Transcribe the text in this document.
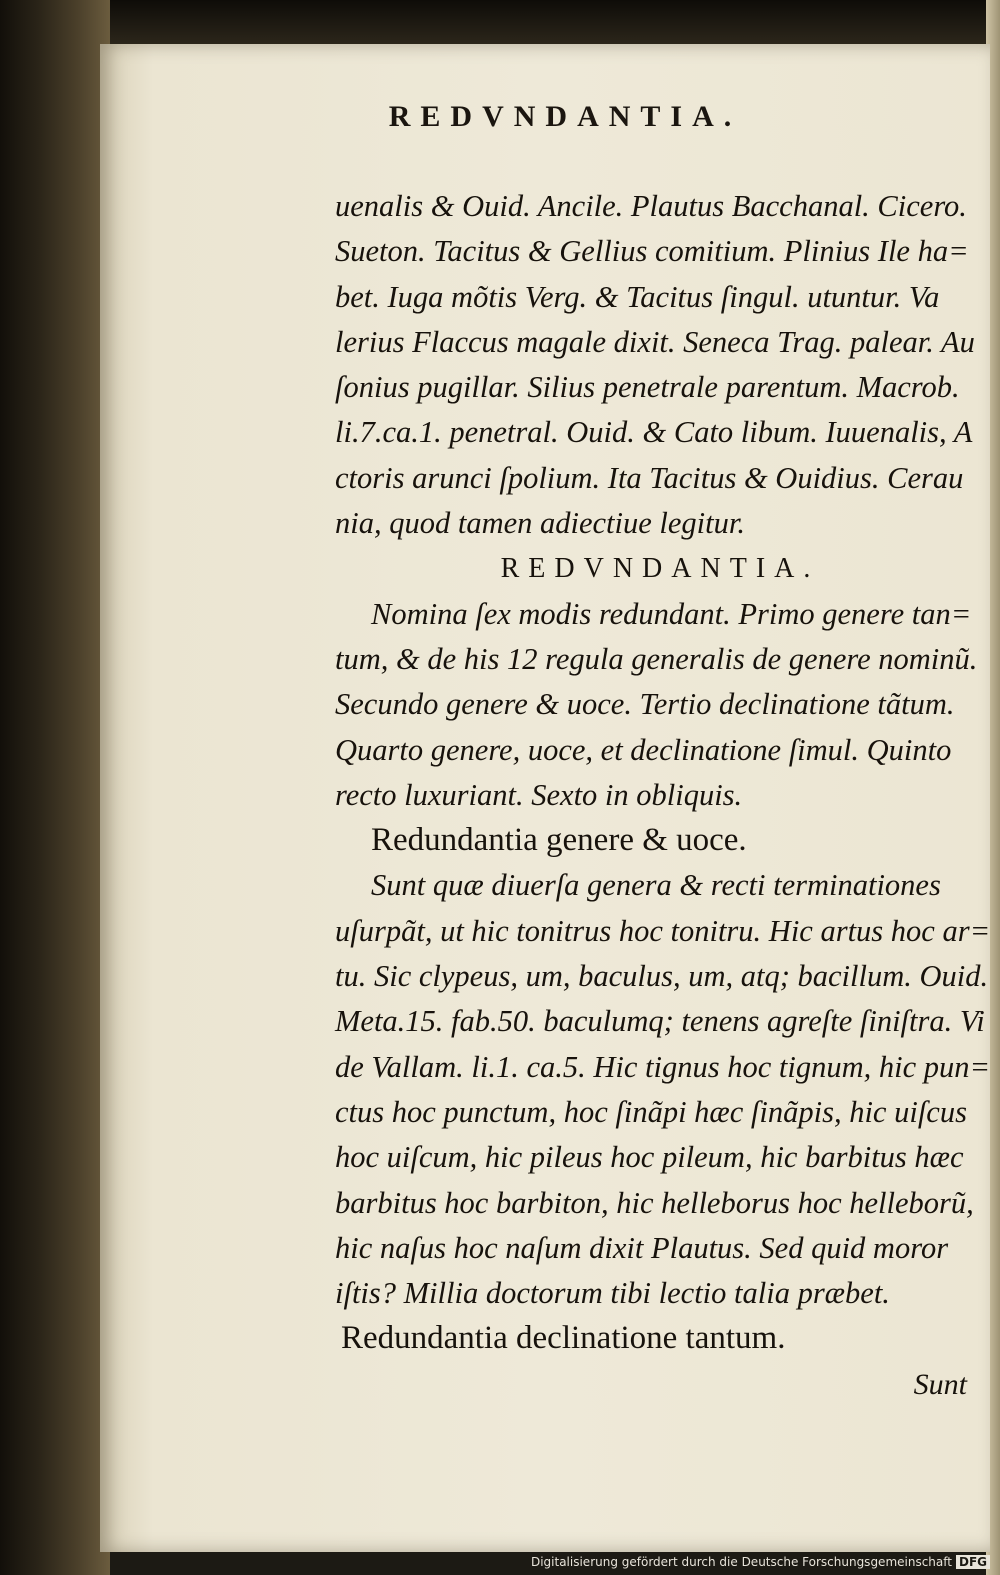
REDVNDANTIA.
uenalis & Ouid. Ancile. Plautus Bacchanal. Cicero.
Sueton. Tacitus & Gellius comitium. Plinius Ile ha=
bet. Iuga mõtis Verg. & Tacitus ſingul. utuntur. Va
lerius Flaccus magale dixit. Seneca Trag. palear. Au
ſonius pugillar. Silius penetrale parentum. Macrob.
li.7.ca.1. penetral. Ouid. & Cato libum. Iuuenalis, A
ctoris arunci ſpolium. Ita Tacitus & Ouidius. Cerau
nia, quod tamen adiectiue legitur.
REDVNDANTIA.
Nomina ſex modis redundant. Primo genere tan=
tum, & de his 12 regula generalis de genere nominũ.
Secundo genere & uoce. Tertio declinatione tãtum.
Quarto genere, uoce, et declinatione ſimul. Quinto
recto luxuriant. Sexto in obliquis.
Redundantia genere & uoce.
Sunt quæ diuerſa genera & recti terminationes
uſurpãt, ut hic tonitrus hoc tonitru. Hic artus hoc ar=
tu. Sic clypeus, um, baculus, um, atq; bacillum. Ouid.
Meta.15. fab.50. baculumq; tenens agreſte ſiniſtra. Vi
de Vallam. li.1. ca.5. Hic tignus hoc tignum, hic pun=
ctus hoc punctum, hoc ſinãpi hæc ſinãpis, hic uiſcus
hoc uiſcum, hic pileus hoc pileum, hic barbitus hæc
barbitus hoc barbiton, hic helleborus hoc helleborũ,
hic naſus hoc naſum dixit Plautus. Sed quid moror
iſtis? Millia doctorum tibi lectio talia præbet.
Redundantia declinatione tantum.
Sunt
Digitalisierung gefördert durch die Deutsche Forschungsgemeinschaft DFG
